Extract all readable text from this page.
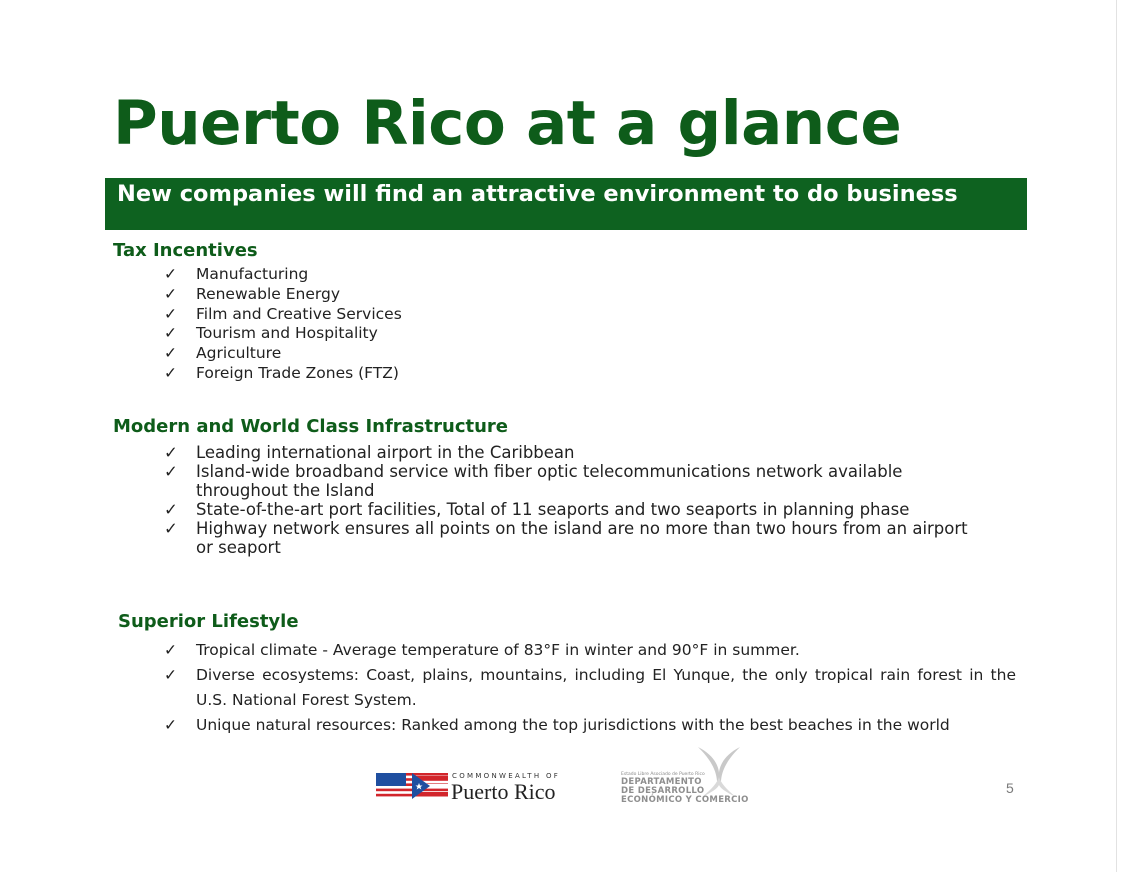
Puerto Rico at a glance
New companies will find an attractive environment to do business
Tax Incentives
✓ Manufacturing
✓ Renewable Energy
✓ Film and Creative Services
✓ Tourism and Hospitality
✓ Agriculture
✓ Foreign Trade Zones (FTZ)
Modern and World Class Infrastructure
✓ Leading international airport in the Caribbean
✓ Island-wide broadband service with fiber optic telecommunications network available throughout the Island
✓ State-of-the-art port facilities, Total of 11 seaports and two seaports in planning phase
✓ Highway network ensures all points on the island are no more than two hours from an airport or seaport
Superior Lifestyle
✓ Tropical climate - Average temperature of 83°F in winter and 90°F in summer.
✓ Diverse ecosystems: Coast, plains, mountains, including El Yunque, the only tropical rain forest in the U.S. National Forest System.
✓ Unique natural resources: Ranked among the top jurisdictions with the best beaches in the world
COMMONWEALTH OF
Puerto Rico
Estado Libre Asociado de Puerto Rico
DEPARTAMENTO
DE DESARROLLO
ECONÓMICO Y COMERCIO
5
